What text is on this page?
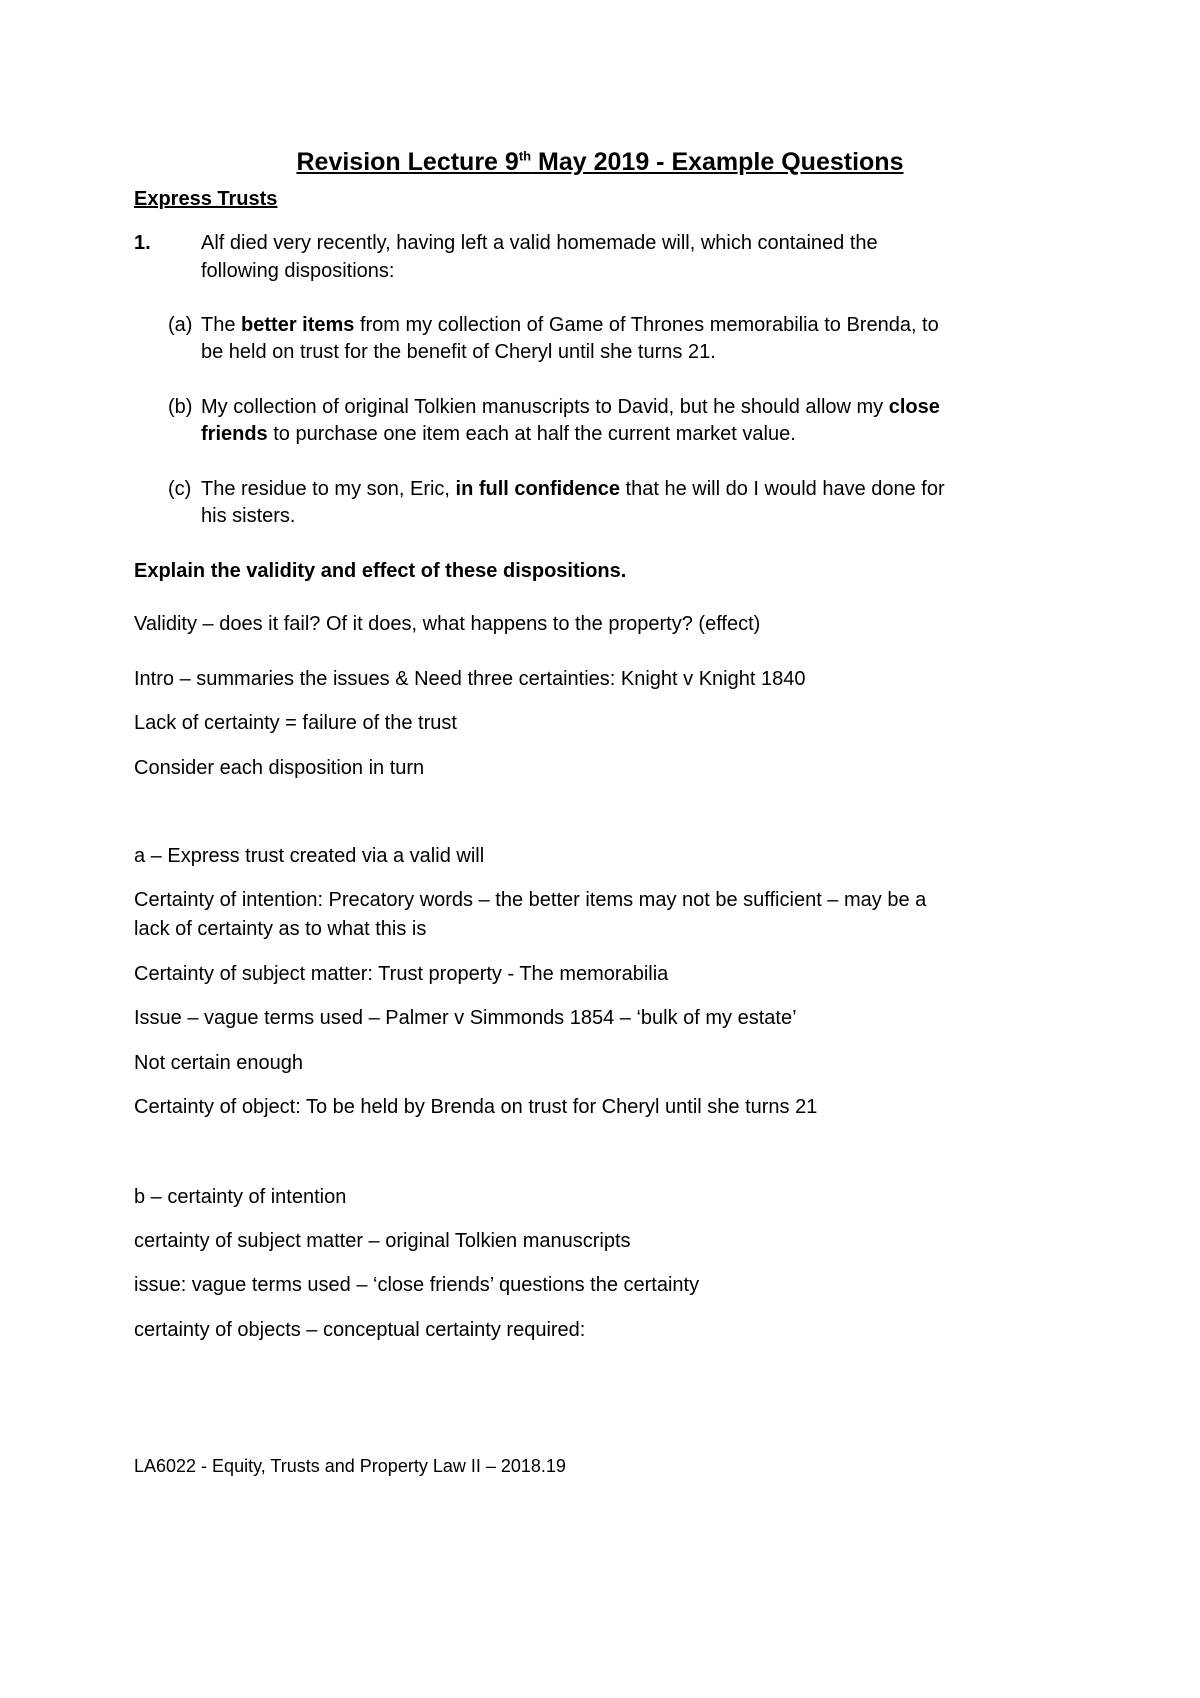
Revision Lecture 9th May 2019 - Example Questions
Express Trusts
1.	Alf died very recently, having left a valid homemade will, which contained the
following dispositions:
(a) The better items from my collection of Game of Thrones memorabilia to Brenda, to
be held on trust for the benefit of Cheryl until she turns 21.
(b) My collection of original Tolkien manuscripts to David, but he should allow my close
friends to purchase one item each at half the current market value.
(c) The residue to my son, Eric, in full confidence that he will do I would have done for
his sisters.
Explain the validity and effect of these dispositions.
Validity – does it fail? Of it does, what happens to the property? (effect)
Intro – summaries the issues & Need three certainties: Knight v Knight 1840
Lack of certainty = failure of the trust
Consider each disposition in turn
a – Express trust created via a valid will
Certainty of intention: Precatory words – the better items may not be sufficient – may be a
lack of certainty as to what this is
Certainty of subject matter: Trust property - The memorabilia
Issue – vague terms used – Palmer v Simmonds 1854 – ‘bulk of my estate’
Not certain enough
Certainty of object: To be held by Brenda on trust for Cheryl until she turns 21
b – certainty of intention
certainty of subject matter – original Tolkien manuscripts
issue: vague terms used – ‘close friends’ questions the certainty
certainty of objects – conceptual certainty required:
LA6022 - Equity, Trusts and Property Law II – 2018.19
